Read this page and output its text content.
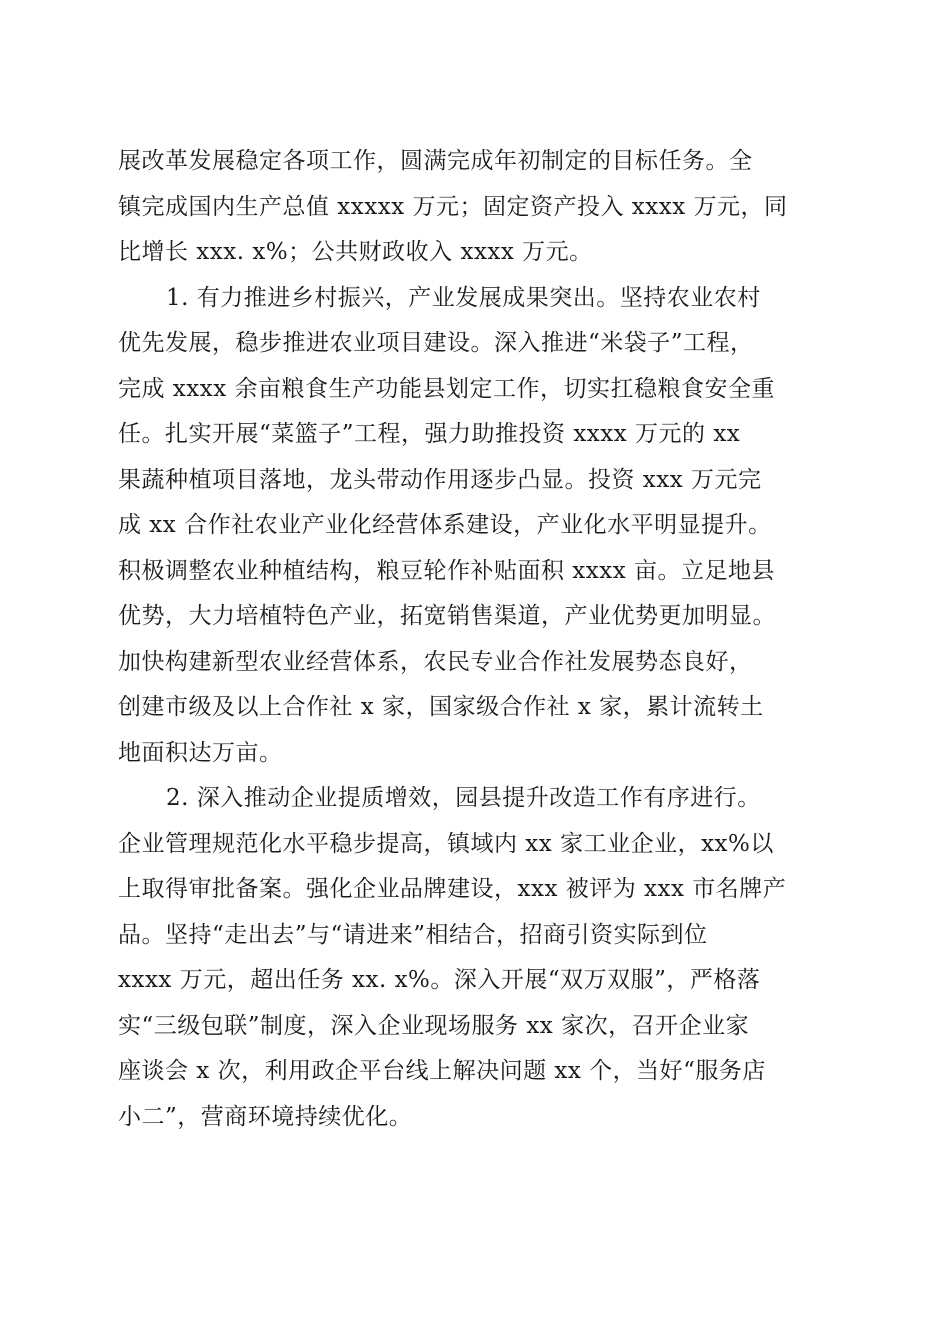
展改革发展稳定各项工作，圆满完成年初制定的目标任务。全
镇完成国内生产总值 xxxxx 万元；固定资产投入 xxxx 万元，同
比增长 xxx. x%；公共财政收入 xxxx 万元。
1. 有力推进乡村振兴，产业发展成果突出。坚持农业农村
优先发展，稳步推进农业项目建设。深入推进“米袋子”工程，
完成 xxxx 余亩粮食生产功能县划定工作，切实扛稳粮食安全重
任。扎实开展“菜篮子”工程，强力助推投资 xxxx 万元的 xx
果蔬种植项目落地，龙头带动作用逐步凸显。投资 xxx 万元完
成 xx 合作社农业产业化经营体系建设，产业化水平明显提升。
积极调整农业种植结构，粮豆轮作补贴面积 xxxx 亩。立足地县
优势，大力培植特色产业，拓宽销售渠道，产业优势更加明显。
加快构建新型农业经营体系，农民专业合作社发展势态良好，
创建市级及以上合作社 x 家，国家级合作社 x 家，累计流转土
地面积达万亩。
2. 深入推动企业提质增效，园县提升改造工作有序进行。
企业管理规范化水平稳步提高，镇域内 xx 家工业企业，xx%以
上取得审批备案。强化企业品牌建设，xxx 被评为 xxx 市名牌产
品。坚持“走出去”与“请进来”相结合，招商引资实际到位
xxxx 万元，超出任务 xx. x%。深入开展“双万双服”，严格落
实“三级包联”制度，深入企业现场服务 xx 家次，召开企业家
座谈会 x 次，利用政企平台线上解决问题 xx 个，当好“服务店
小二”，营商环境持续优化。
